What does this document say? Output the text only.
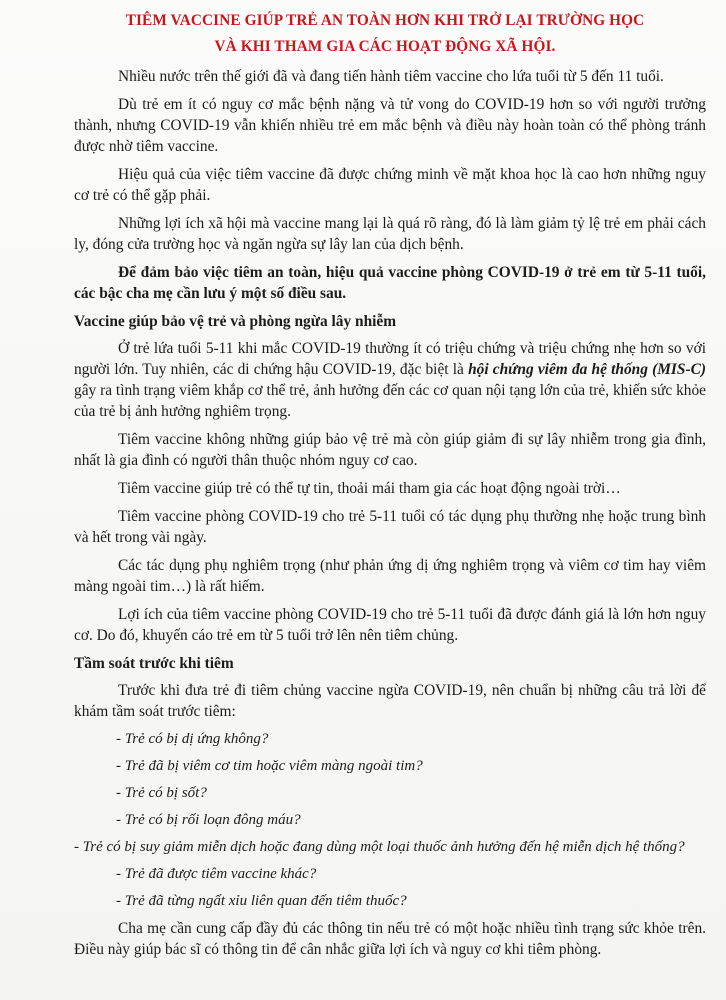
TIÊM VACCINE GIÚP TRẺ AN TOÀN HƠN KHI TRỞ LẠI TRƯỜNG HỌC
VÀ KHI THAM GIA CÁC HOẠT ĐỘNG XÃ HỘI.

Nhiều nước trên thế giới đã và đang tiến hành tiêm vaccine cho lứa tuổi từ 5 đến 11 tuổi.

Dù trẻ em ít có nguy cơ mắc bệnh nặng và tử vong do COVID-19 hơn so với người trưởng thành, nhưng COVID-19 vẫn khiến nhiều trẻ em mắc bệnh và điều này hoàn toàn có thể phòng tránh được nhờ tiêm vaccine.

Hiệu quả của việc tiêm vaccine đã được chứng minh về mặt khoa học là cao hơn những nguy cơ trẻ có thể gặp phải.

Những lợi ích xã hội mà vaccine mang lại là quá rõ ràng, đó là làm giảm tỷ lệ trẻ em phải cách ly, đóng cửa trường học và ngăn ngừa sự lây lan của dịch bệnh.

Để đảm bảo việc tiêm an toàn, hiệu quả vaccine phòng COVID-19 ở trẻ em từ 5-11 tuổi, các bậc cha mẹ cần lưu ý một số điều sau.

Vaccine giúp bảo vệ trẻ và phòng ngừa lây nhiễm

Ở trẻ lứa tuổi 5-11 khi mắc COVID-19 thường ít có triệu chứng và triệu chứng nhẹ hơn so với người lớn. Tuy nhiên, các di chứng hậu COVID-19, đặc biệt là hội chứng viêm đa hệ thống (MIS-C) gây ra tình trạng viêm khắp cơ thể trẻ, ảnh hưởng đến các cơ quan nội tạng lớn của trẻ, khiến sức khỏe của trẻ bị ảnh hưởng nghiêm trọng.

Tiêm vaccine không những giúp bảo vệ trẻ mà còn giúp giảm đi sự lây nhiễm trong gia đình, nhất là gia đình có người thân thuộc nhóm nguy cơ cao.

Tiêm vaccine giúp trẻ có thể tự tin, thoải mái tham gia các hoạt động ngoài trời…

Tiêm vaccine phòng COVID-19 cho trẻ 5-11 tuổi có tác dụng phụ thường nhẹ hoặc trung bình và hết trong vài ngày.

Các tác dụng phụ nghiêm trọng (như phản ứng dị ứng nghiêm trọng và viêm cơ tim hay viêm màng ngoài tim…) là rất hiếm.

Lợi ích của tiêm vaccine phòng COVID-19 cho trẻ 5-11 tuổi đã được đánh giá là lớn hơn nguy cơ. Do đó, khuyến cáo trẻ em từ 5 tuổi trở lên nên tiêm chủng.

Tầm soát trước khi tiêm

Trước khi đưa trẻ đi tiêm chủng vaccine ngừa COVID-19, nên chuẩn bị những câu trả lời để khám tầm soát trước tiêm:

- Trẻ có bị dị ứng không?
- Trẻ đã bị viêm cơ tim hoặc viêm màng ngoài tim?
- Trẻ có bị sốt?
- Trẻ có bị rối loạn đông máu?
- Trẻ có bị suy giảm miễn dịch hoặc đang dùng một loại thuốc ảnh hưởng đến hệ miễn dịch hệ thống?
- Trẻ đã được tiêm vaccine khác?
- Trẻ đã từng ngất xỉu liên quan đến tiêm thuốc?

Cha mẹ cần cung cấp đầy đủ các thông tin nếu trẻ có một hoặc nhiều tình trạng sức khỏe trên. Điều này giúp bác sĩ có thông tin để cân nhắc giữa lợi ích và nguy cơ khi tiêm phòng.
